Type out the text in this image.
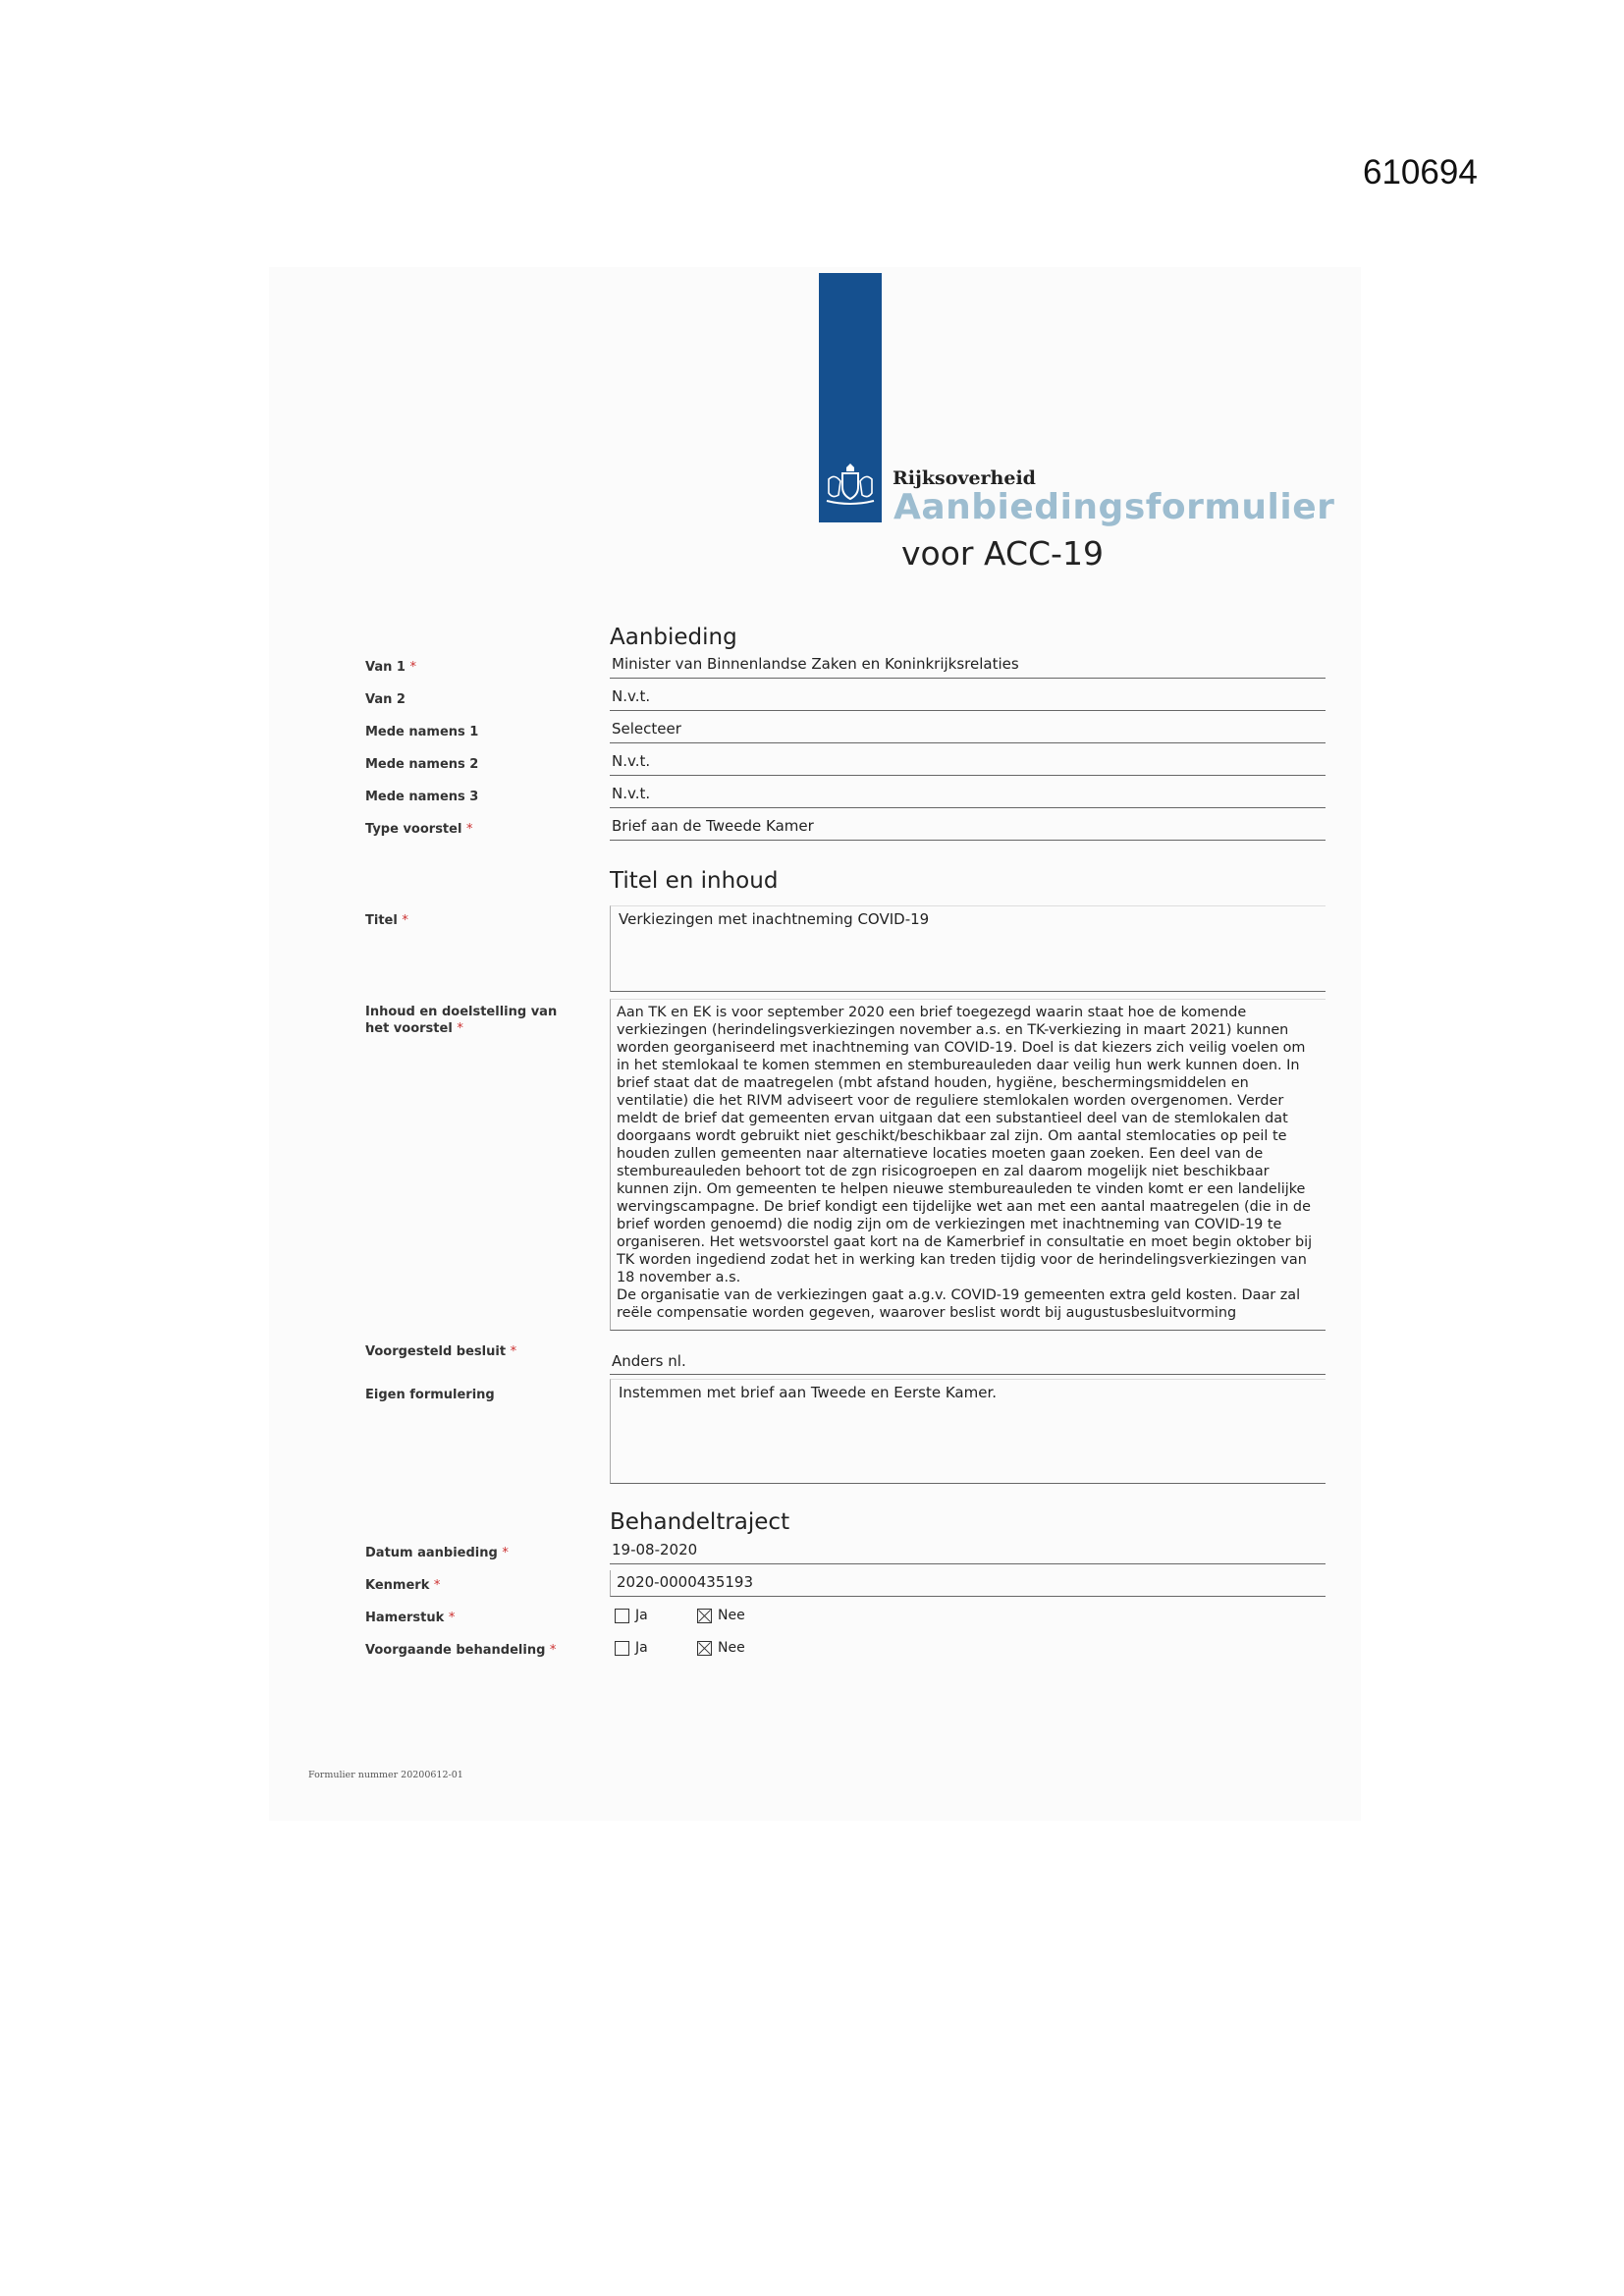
610694
Rijksoverheid
Aanbiedingsformulier
voor ACC-19
Aanbieding
Van 1 *	Minister van Binnenlandse Zaken en Koninkrijksrelaties
Van 2	N.v.t.
Mede namens 1	Selecteer
Mede namens 2	N.v.t.
Mede namens 3	N.v.t.
Type voorstel *	Brief aan de Tweede Kamer
Titel en inhoud
Titel *	Verkiezingen met inachtneming COVID-19
Inhoud en doelstelling van het voorstel *
Aan TK en EK is voor september 2020 een brief toegezegd waarin staat hoe de komende verkiezingen (herindelingsverkiezingen november a.s. en TK-verkiezing in maart 2021) kunnen worden georganiseerd met inachtneming van COVID-19. Doel is dat kiezers zich veilig voelen om in het stemlokaal te komen stemmen en stembureauleden daar veilig hun werk kunnen doen. In brief staat dat de maatregelen (mbt afstand houden, hygiëne, beschermingsmiddelen en ventilatie) die het RIVM adviseert voor de reguliere stemlokalen worden overgenomen. Verder meldt de brief dat gemeenten ervan uitgaan dat een substantieel deel van de stemlokalen dat doorgaans wordt gebruikt niet geschikt/beschikbaar zal zijn. Om aantal stemlocaties op peil te houden zullen gemeenten naar alternatieve locaties moeten gaan zoeken. Een deel van de stembureauleden behoort tot de zgn risicogroepen en zal daarom mogelijk niet beschikbaar kunnen zijn. Om gemeenten te helpen nieuwe stembureauleden te vinden komt er een landelijke wervingscampagne. De brief kondigt een tijdelijke wet aan met een aantal maatregelen (die in de brief worden genoemd) die nodig zijn om de verkiezingen met inachtneming van COVID-19 te organiseren. Het wetsvoorstel gaat kort na de Kamerbrief in consultatie en moet begin oktober bij TK worden ingediend zodat het in werking kan treden tijdig voor de herindelingsverkiezingen van 18 november a.s.
De organisatie van de verkiezingen gaat a.g.v. COVID-19 gemeenten extra geld kosten. Daar zal reële compensatie worden gegeven, waarover beslist wordt bij augustusbesluitvorming
Voorgesteld besluit *
Anders nl.
Eigen formulering	Instemmen met brief aan Tweede en Eerste Kamer.
Behandeltraject
Datum aanbieding *	19-08-2020
Kenmerk *	2020-0000435193
Hamerstuk *	Ja	Nee
Voorgaande behandeling *	Ja	Nee
Formulier nummer 20200612-01
